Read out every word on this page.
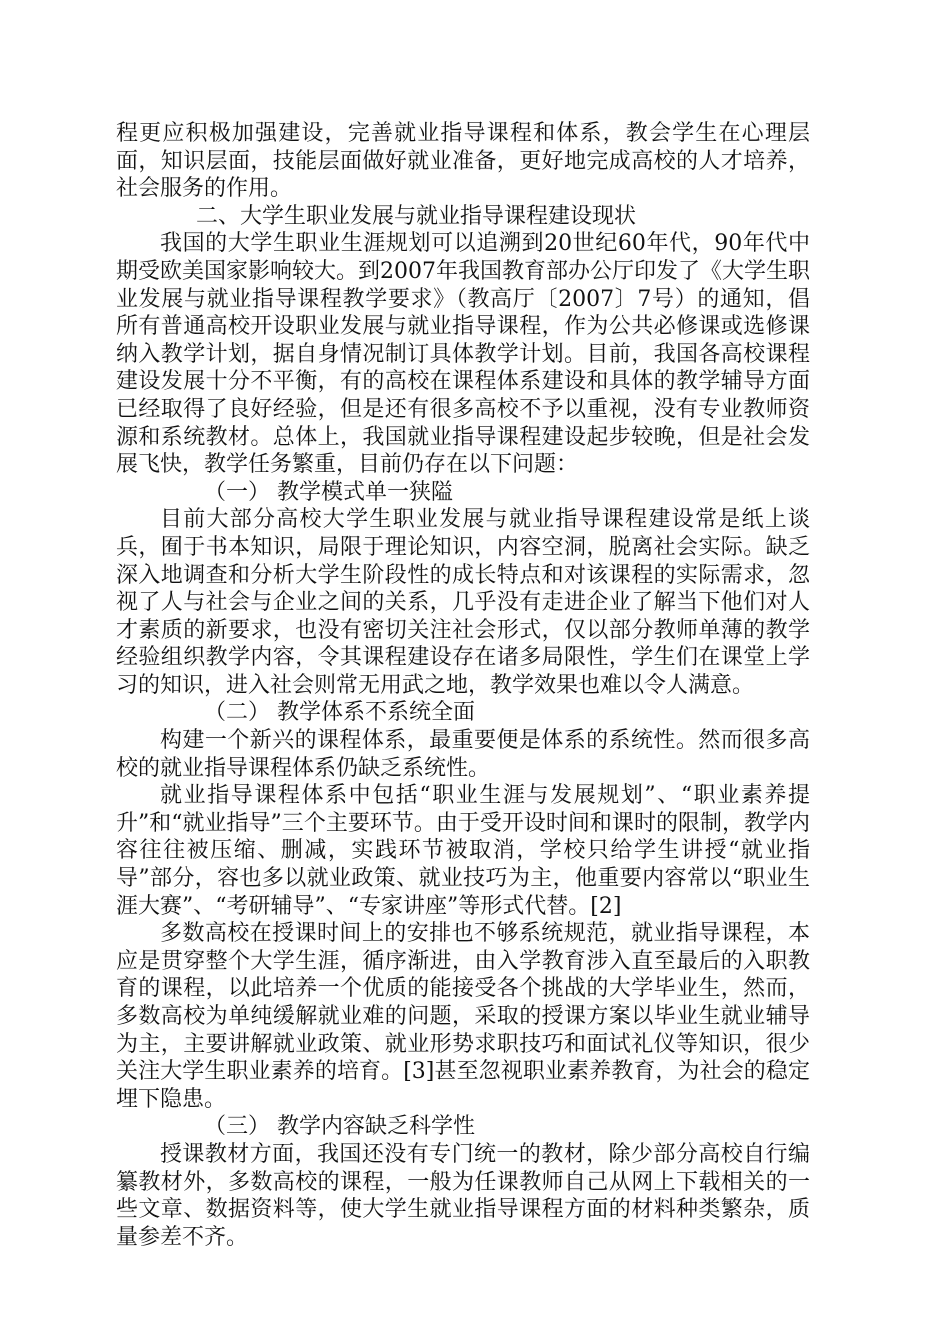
程更应积极加强建设，完善就业指导课程和体系，教会学生在心理层面，知识层面，技能层面做好就业准备，更好地完成高校的人才培养，社会服务的作用。

二、大学生职业发展与就业指导课程建设现状

我国的大学生职业生涯规划可以追溯到20世纪60年代，90年代中期受欧美国家影响较大。到2007年我国教育部办公厅印发了《大学生职业发展与就业指导课程教学要求》（教高厅〔2007〕7号）的通知，倡所有普通高校开设职业发展与就业指导课程，作为公共必修课或选修课纳入教学计划，据自身情况制订具体教学计划。目前，我国各高校课程建设发展十分不平衡，有的高校在课程体系建设和具体的教学辅导方面已经取得了良好经验，但是还有很多高校不予以重视，没有专业教师资源和系统教材。总体上，我国就业指导课程建设起步较晚，但是社会发展飞快，教学任务繁重，目前仍存在以下问题：

（一） 教学模式单一狭隘

目前大部分高校大学生职业发展与就业指导课程建设常是纸上谈兵，囿于书本知识，局限于理论知识，内容空洞，脱离社会实际。缺乏深入地调查和分析大学生阶段性的成长特点和对该课程的实际需求，忽视了人与社会与企业之间的关系，几乎没有走进企业了解当下他们对人才素质的新要求，也没有密切关注社会形式，仅以部分教师单薄的教学经验组织教学内容，令其课程建设存在诸多局限性，学生们在课堂上学习的知识，进入社会则常无用武之地，教学效果也难以令人满意。

（二） 教学体系不系统全面

构建一个新兴的课程体系，最重要便是体系的系统性。然而很多高校的就业指导课程体系仍缺乏系统性。

就业指导课程体系中包括“职业生涯与发展规划”、“职业素养提升”和“就业指导”三个主要环节。由于受开设时间和课时的限制，教学内容往往被压缩、删减，实践环节被取消，学校只给学生讲授“就业指导”部分，容也多以就业政策、就业技巧为主，他重要内容常以“职业生涯大赛”、“考研辅导”、“专家讲座”等形式代替。[2]

多数高校在授课时间上的安排也不够系统规范，就业指导课程，本应是贯穿整个大学生涯，循序渐进，由入学教育涉入直至最后的入职教育的课程，以此培养一个优质的能接受各个挑战的大学毕业生，然而，多数高校为单纯缓解就业难的问题，采取的授课方案以毕业生就业辅导为主，主要讲解就业政策、就业形势求职技巧和面试礼仪等知识，很少关注大学生职业素养的培育。[3]甚至忽视职业素养教育，为社会的稳定埋下隐患。

（三） 教学内容缺乏科学性

授课教材方面，我国还没有专门统一的教材，除少部分高校自行编纂教材外，多数高校的课程，一般为任课教师自己从网上下载相关的一些文章、数据资料等，使大学生就业指导课程方面的材料种类繁杂，质量参差不齐。
